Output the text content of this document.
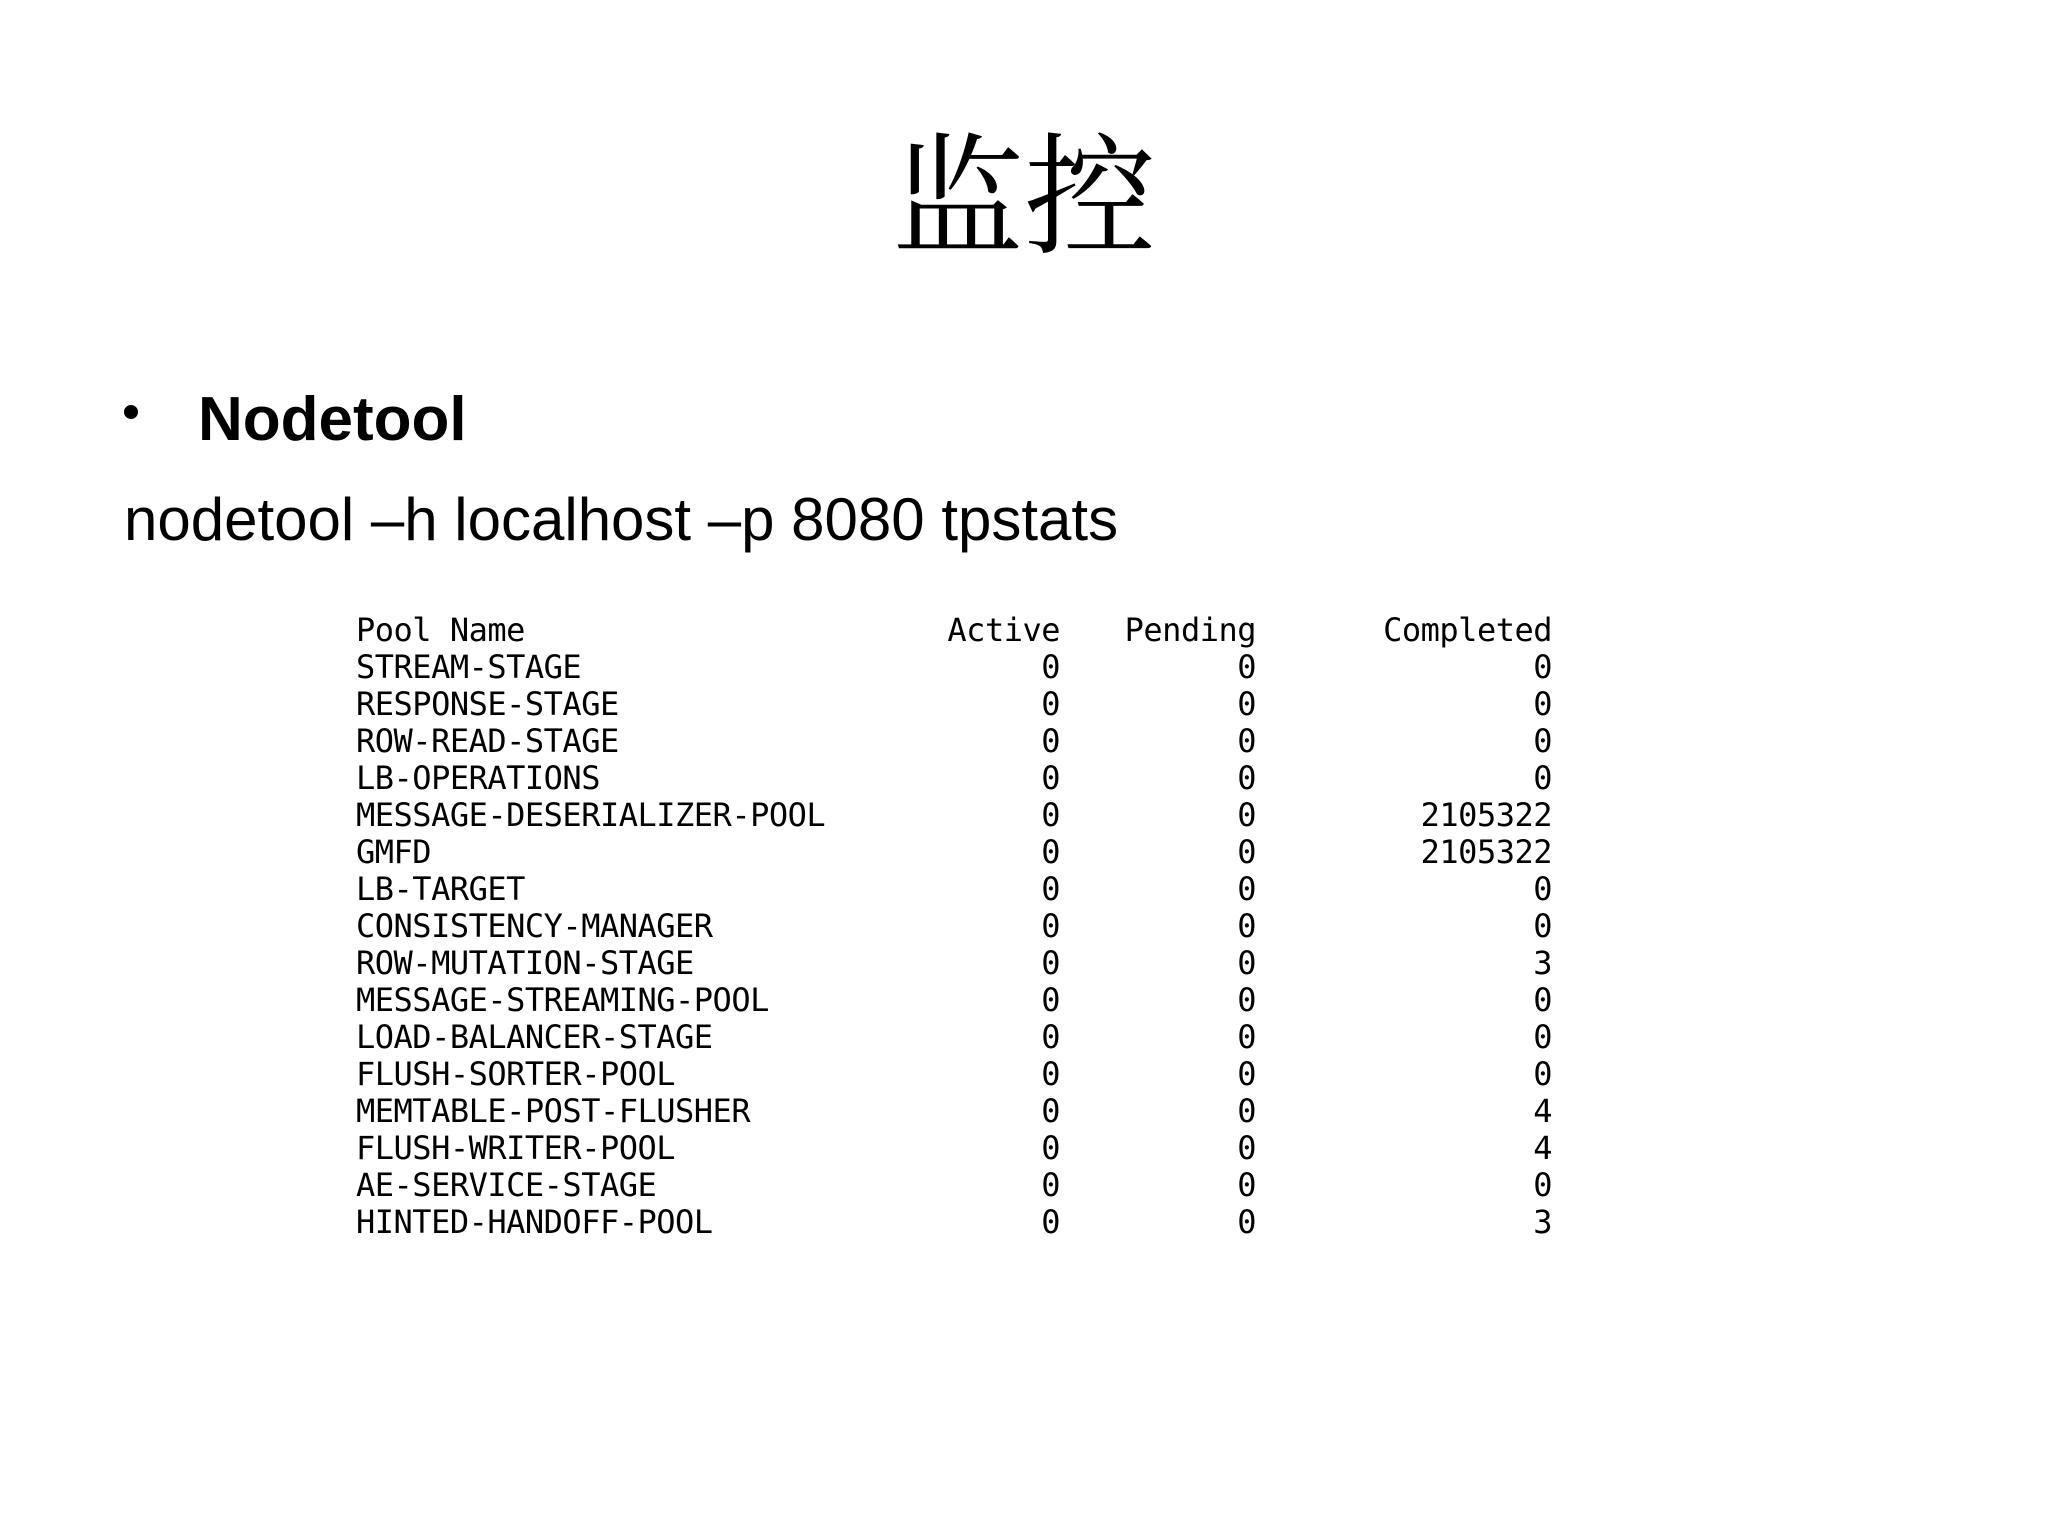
监控
Nodetool
nodetool –h localhost –p 8080 tpstats
Pool Name	Active	Pending	Completed
STREAM-STAGE	0	0	0
RESPONSE-STAGE	0	0	0
ROW-READ-STAGE	0	0	0
LB-OPERATIONS	0	0	0
MESSAGE-DESERIALIZER-POOL	0	0	2105322
GMFD	0	0	2105322
LB-TARGET	0	0	0
CONSISTENCY-MANAGER	0	0	0
ROW-MUTATION-STAGE	0	0	3
MESSAGE-STREAMING-POOL	0	0	0
LOAD-BALANCER-STAGE	0	0	0
FLUSH-SORTER-POOL	0	0	0
MEMTABLE-POST-FLUSHER	0	0	4
FLUSH-WRITER-POOL	0	0	4
AE-SERVICE-STAGE	0	0	0
HINTED-HANDOFF-POOL	0	0	3
